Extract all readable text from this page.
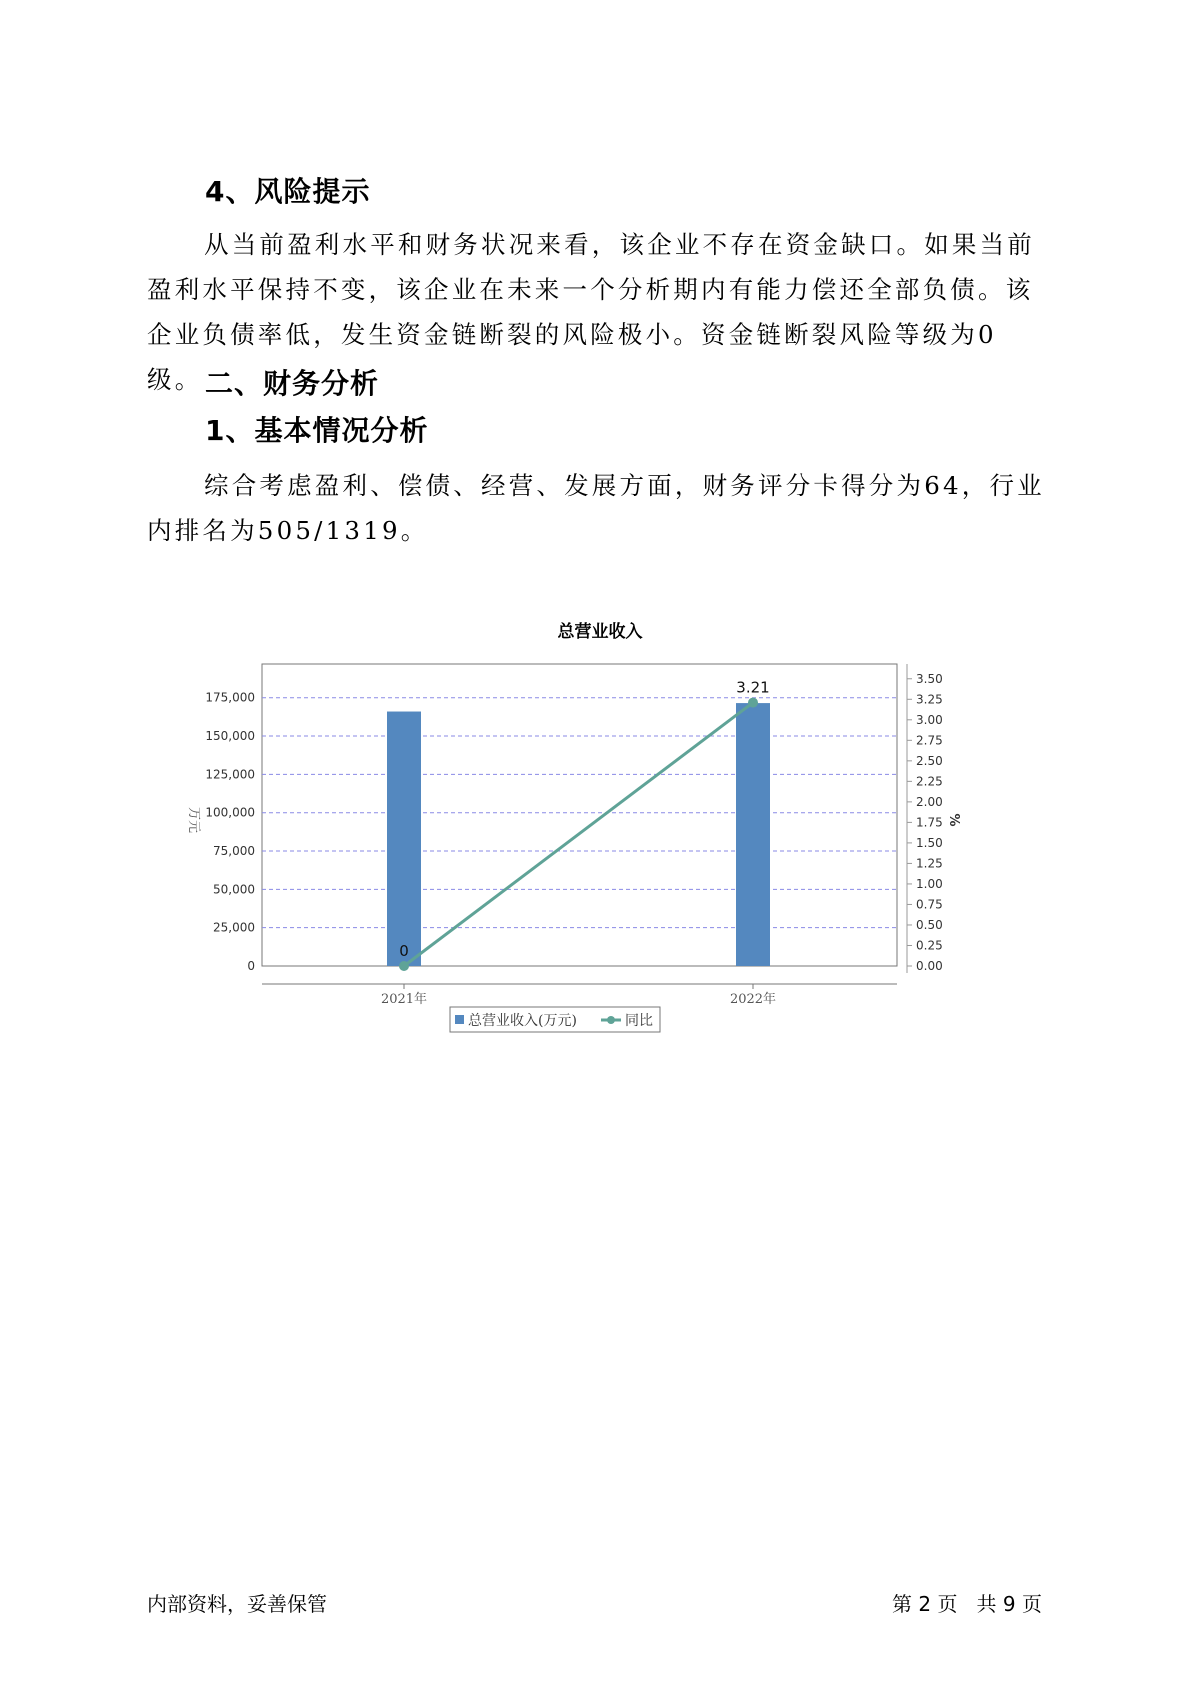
4、风险提示

从当前盈利水平和财务状况来看，该企业不存在资金缺口。如果当前盈利水平保持不变，该企业在未来一个分析期内有能力偿还全部负债。该企业负债率低，发生资金链断裂的风险极小。资金链断裂风险等级为0级。 二、财务分析
1、基本情况分析

综合考虑盈利、偿债、经营、发展方面，财务评分卡得分为64，行业内排名为505/1319。

总营业收入
0
25,000
50,000
75,000
100,000
125,000
150,000
175,000
0.00
0.25
0.50
0.75
1.00
1.25
1.50
1.75
2.00
2.25
2.50
2.75
3.00
3.25
3.50
2021年	2022年
万元	%
0
3.21
总营业收入(万元)	同比
内部资料，妥善保管	第 2 页   共 9 页
